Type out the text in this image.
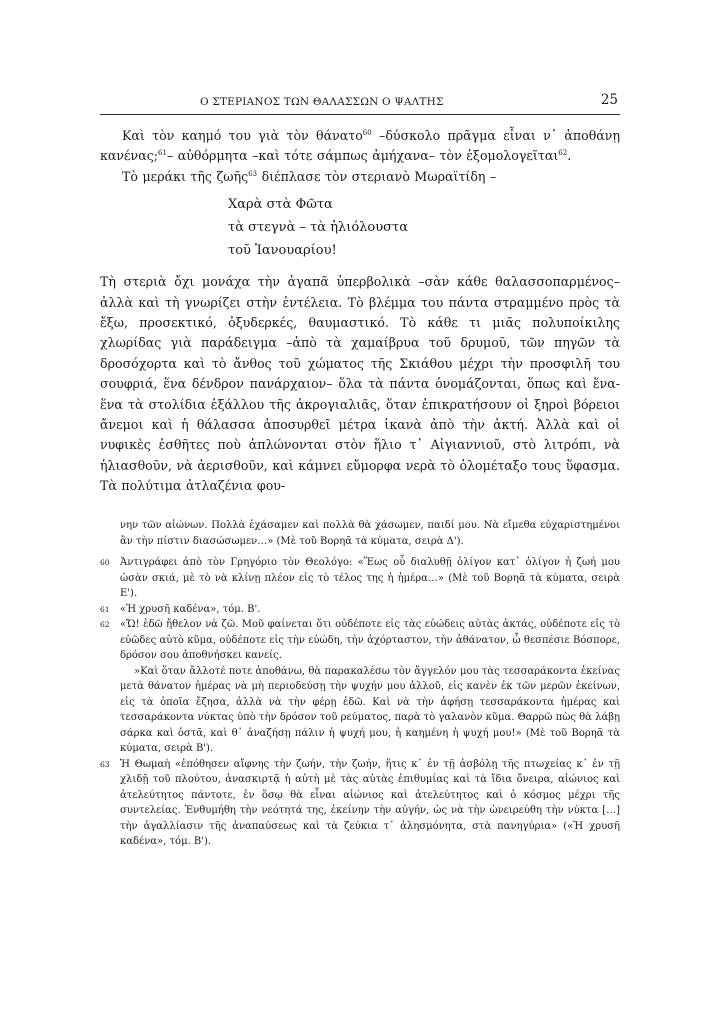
Ο ΣΤΕΡΙΑΝΟΣ ΤΩΝ ΘΑΛΑΣΣΩΝ Ο ΨΑΛΤΗΣ	25

Καὶ τὸν καημό του γιὰ τὸν θάνατο$^{60}$ –δύσκολο πρᾶγμα εἶναι ν᾽ ἀποθάνῃ κανένας;$^{61}$– αὐθόρμητα –καὶ τότε σάμπως ἀμήχανα– τὸν ἐξομολογεῖται$^{62}$.

Τὸ μεράκι τῆς ζωῆς$^{63}$ διέπλασε τὸν στεριανὸ Μωραϊτίδη –

Χαρὰ στὰ Φῶτα
τὰ στεγνὰ – τὰ ἡλιόλουστα
τοῦ Ἰανουαρίου!

Τὴ στεριὰ ὄχι μονάχα τὴν ἀγαπᾶ ὑπερβολικὰ –σὰν κάθε θαλασσοπαρμένος– ἀλλὰ καὶ τὴ γνωρίζει στὴν ἐντέλεια. Τὸ βλέμμα του πάντα στραμμένο πρὸς τὰ ἔξω, προσεκτικό, ὀξυδερκές, θαυμαστικό. Τὸ κάθε τι μιᾶς πολυποίκιλης χλωρίδας γιὰ παράδειγμα –ἀπὸ τὰ χαμαίβρυα τοῦ δρυμοῦ, τῶν πηγῶν τὰ δροσόχορτα καὶ τὸ ἄνθος τοῦ χώματος τῆς Σκιάθου μέχρι τὴν προσφιλῆ του σουφριά, ἕνα δένδρον πανάρχαιον– ὅλα τὰ πάντα ὀνομάζονται, ὅπως καὶ ἕνα-ἕνα τὰ στολίδια ἐξάλλου τῆς ἀκρογιαλιᾶς, ὅταν ἐπικρατήσουν οἱ ξηροὶ βόρειοι ἄνεμοι καὶ ἡ θάλασσα ἀποσυρθεῖ μέτρα ἱκανὰ ἀπὸ τὴν ἀκτή. Ἀλλὰ καὶ οἱ νυφικὲς ἐσθῆτες ποὺ ἁπλώνονται στὸν ἥλιο τ᾽ Αἰγιαννιοῦ, στὸ λιτρόπι, νὰ ἡλιασθοῦν, νὰ ἀερισθοῦν, καὶ κάμνει εὔμορφα νερὰ τὸ ὁλομέταξο τους ὕφασμα. Τὰ πολύτιμα ἀτλαζένια φου-

νην τῶν αἰώνων. Πολλὰ ἐχάσαμεν καὶ πολλὰ θὰ χάσωμεν, παιδί μου. Νὰ εἴμεθα εὐχαριστημένοι ἂν τὴν πίστιν διασώσωμεν…» (Μὲ τοῦ Βορηᾶ τὰ κύματα, σειρὰ Δ').

60	Ἀντιγράφει ἀπὸ τὸν Γρηγόριο τὸν Θεολόγο: «Ἕως οὗ διαλυθῇ ὀλίγον κατ᾽ ὀλίγον ἡ ζωή μου ὡσὰν σκιά, μὲ τὸ νὰ κλίνῃ πλέον εἰς τὸ τέλος της ἡ ἡμέρα…» (Μὲ τοῦ Βορηᾶ τὰ κύματα, σειρὰ Ε').

61	«Ἡ χρυσῆ καδένα», τόμ. Β'.

62	«Ὤ! ἐδῶ ἤθελον νὰ ζῶ. Μοῦ φαίνεται ὅτι οὐδέποτε εἰς τὰς εὐώδεις αὐτὰς ἀκτάς, οὐδέποτε εἰς τὸ εὐῶδες αὐτὸ κῦμα, οὐδέποτε εἰς τὴν εὐώδη, τὴν ἀχόρταστον, τὴν ἀθάνατον, ὦ θεσπέσιε Βόσπορε, δρόσον σου ἀποθνήσκει κανείς.

»Καὶ ὅταν ἄλλοτέ ποτε ἀποθάνω, θὰ παρακαλέσω τὸν ἄγγελόν μου τὰς τεσσαράκοντα ἐκείνας μετὰ θάνατον ἡμέρας νὰ μὴ περιοδεύσῃ τὴν ψυχήν μου ἀλλοῦ, εἰς κανὲν ἐκ τῶν μερῶν ἐκείνων, εἰς τὰ ὁποῖα ἔζησα, ἀλλὰ νὰ τὴν φέρῃ ἐδῶ. Καὶ νὰ τὴν ἀφήσῃ τεσσαράκοντα ἡμέρας καὶ τεσσαράκοντα νύκτας ὑπὸ τὴν δρόσον τοῦ ρεύματος, παρὰ τὸ γαλανὸν κῦμα. Θαρρῶ πὼς θὰ λάβῃ σάρκα καὶ ὀστᾶ, καὶ θ᾽ ἀναζήσῃ πάλιν ἡ ψυχή μου, ἡ καημένη ἡ ψυχή μου!» (Μὲ τοῦ Βορηᾶ τὰ κύματα, σειρὰ Β').

63	Ἡ Θωμαὴ «ἐπόθησεν αἴφνης τὴν ζωήν, τὴν ζωήν, ἥτις κ᾽ ἐν τῇ ἀσβόλῃ τῆς πτωχείας κ᾽ ἐν τῇ χλιδῇ τοῦ πλούτου, ἀνασκιρτᾷ ἡ αὐτὴ μὲ τὰς αὐτὰς ἐπιθυμίας καὶ τὰ ἴδια ὄνειρα, αἰώνιος καὶ ἀτελεύτητος πάντοτε, ἐν ὅσῳ θὰ εἶναι αἰώνιος καὶ ἀτελεύτητος καὶ ὁ κόσμος μέχρι τῆς συντελείας. Ἐνθυμήθη τὴν νεότητά της, ἐκείνην τὴν αὐγήν, ὡς νὰ τὴν ὠνειρεύθη τὴν νύκτα […] τὴν ἀγαλλίασιν τῆς ἀναπαύσεως καὶ τὰ ζεύκια τ᾽ ἀλησμόνητα, στὰ πανηγύρια» («Ἡ χρυσῆ καδένα», τόμ. Β').
